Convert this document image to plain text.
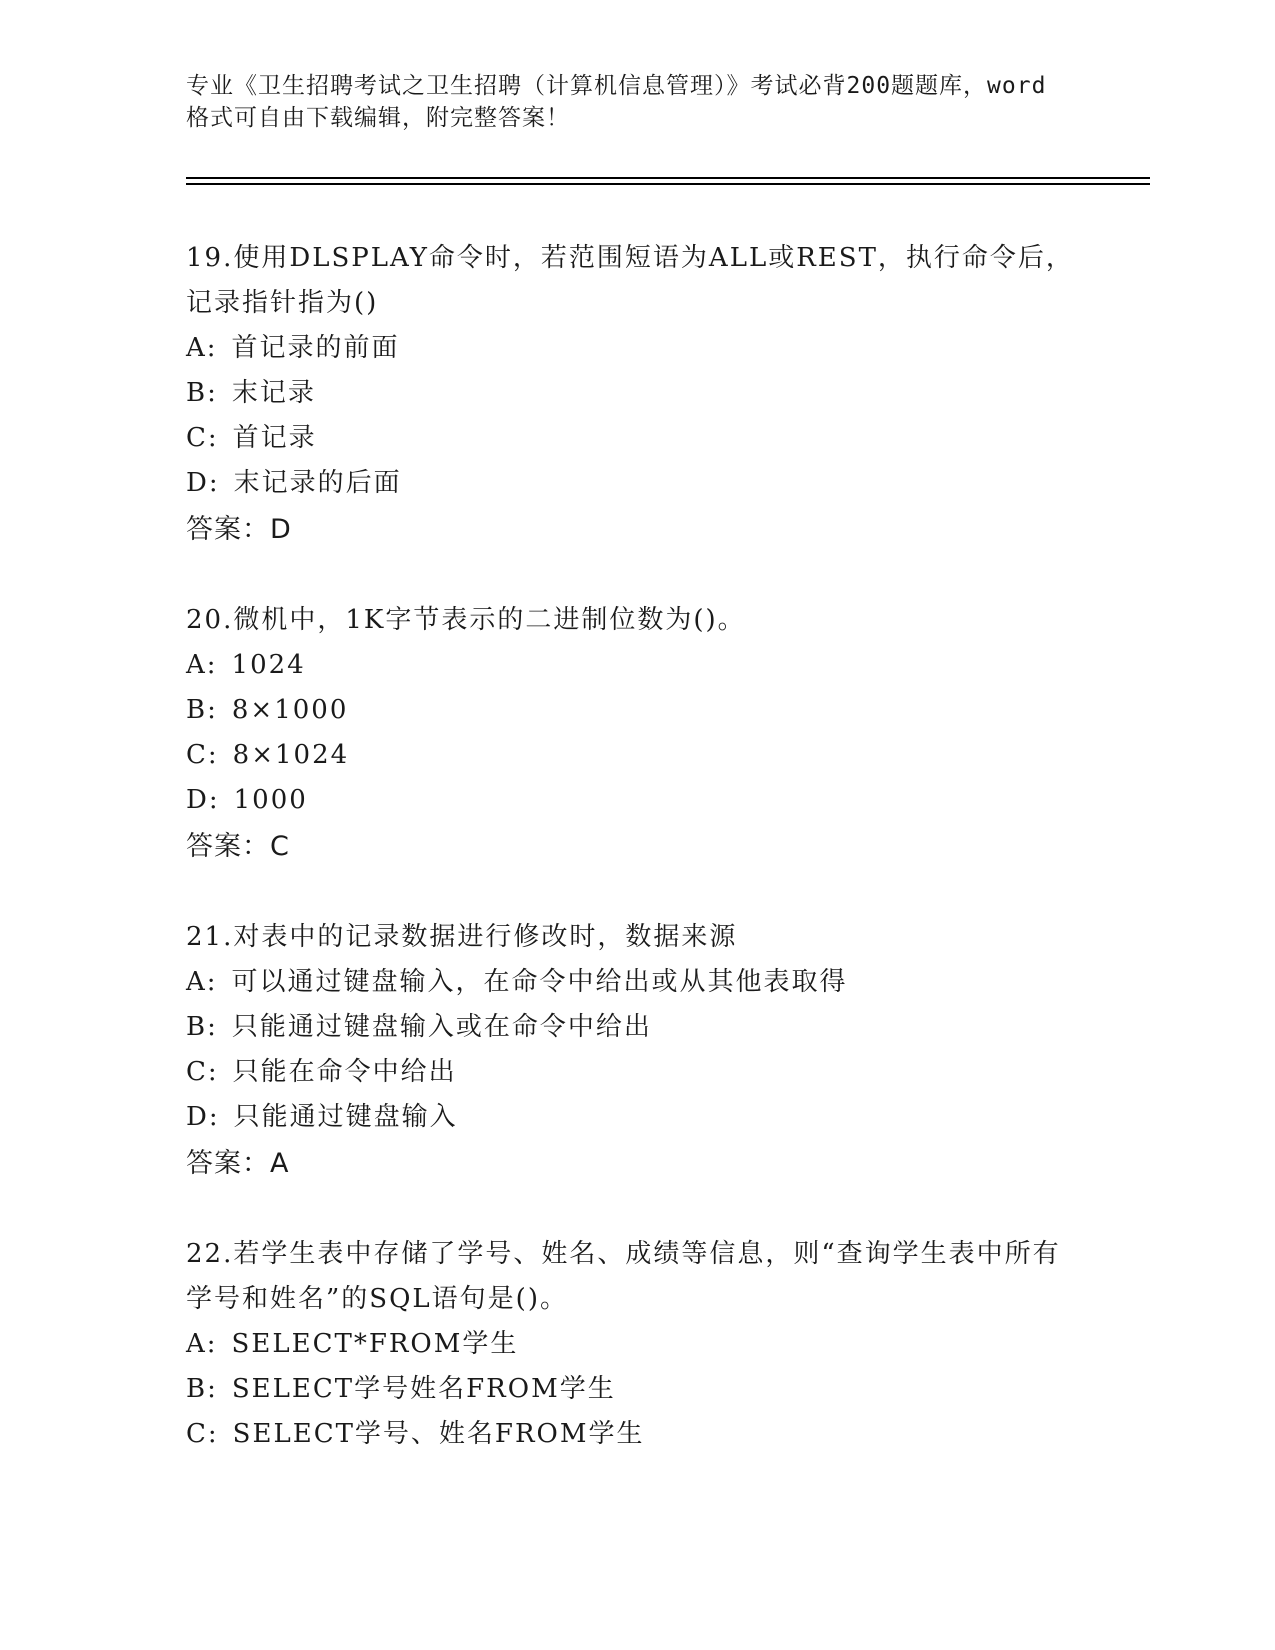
专业《卫生招聘考试之卫生招聘（计算机信息管理）》考试必背200题题库，word
格式可自由下载编辑，附完整答案！

19.使用DLSPLAY命令时，若范围短语为ALL或REST，执行命令后，记录指针指为()

A: 首记录的前面
B: 末记录
C: 首记录
D: 末记录的后面
答案：D

20.微机中，1K字节表示的二进制位数为()。

A: 1024
B: 8×1000
C: 8×1024
D: 1000
答案：C

21.对表中的记录数据进行修改时，数据来源

A: 可以通过键盘输入，在命令中给出或从其他表取得
B: 只能通过键盘输入或在命令中给出
C: 只能在命令中给出
D: 只能通过键盘输入
答案：A

22.若学生表中存储了学号、姓名、成绩等信息，则“查询学生表中所有学号和姓名”的SQL语句是()。

A: SELECT*FROM学生
B: SELECT学号姓名FROM学生
C: SELECT学号、姓名FROM学生
